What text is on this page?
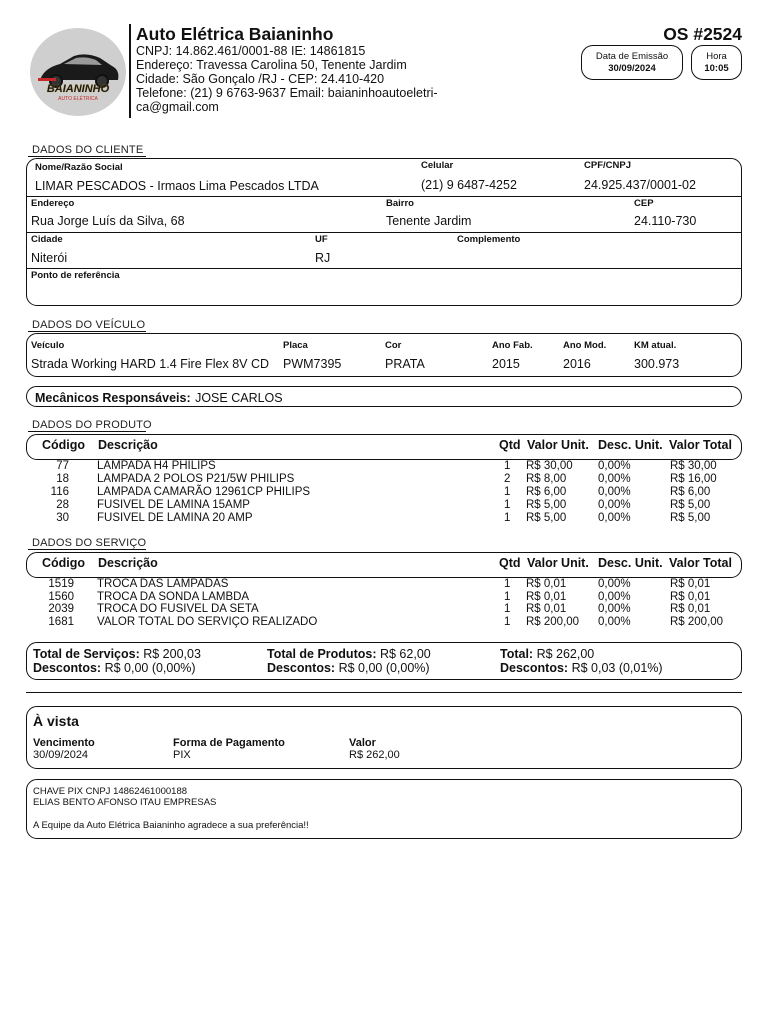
BAIANINHO
AUTO ELÉTRICA
Auto Elétrica Baianinho
CNPJ: 14.862.461/0001-88 IE: 14861815
Endereço: Travessa Carolina 50, Tenente Jardim
Cidade: São Gonçalo /RJ - CEP: 24.410-420
Telefone: (21) 9 6763-9637 Email: baianinhoautoeletri-
ca@gmail.com
OS #2524
Data de Emissão
30/09/2024
Hora
10:05
DADOS DO CLIENTE
Nome/Razão Social
LIMAR PESCADOS - Irmaos Lima Pescados LTDA
Celular
(21) 9 6487-4252
CPF/CNPJ
24.925.437/0001-02
Endereço
Rua Jorge Luís da Silva, 68
Bairro
Tenente Jardim
CEP
24.110-730
Cidade
Niterói
UF
RJ
Complemento
Ponto de referência
DADOS DO VEÍCULO
Veículo
Strada Working HARD 1.4 Fire Flex 8V CD
Placa
PWM7395
Cor
PRATA
Ano Fab.
2015
Ano Mod.
2016
KM atual.
300.973
Mecânicos Responsáveis: JOSE CARLOS
DADOS DO PRODUTO
Código Descrição	Qtd Valor Unit. Desc. Unit. Valor Total
77 LAMPADA H4 PHILIPS	1 R$ 30,00 0,00%	R$ 30,00
18 LAMPADA 2 POLOS P21/5W PHILIPS	2 R$ 8,00	0,00%	R$ 16,00
116 LAMPADA CAMARÃO 12961CP PHILIPS	1 R$ 6,00	0,00%	R$ 6,00
28 FUSIVEL DE LAMINA 15AMP	1 R$ 5,00	0,00%	R$ 5,00
30 FUSIVEL DE LAMINA 20 AMP	1 R$ 5,00	0,00%	R$ 5,00
DADOS DO SERVIÇO
Código Descrição	Qtd Valor Unit. Desc. Unit. Valor Total
1519 TROCA DAS LAMPADAS	1 R$ 0,01	0,00%	R$ 0,01
1560 TROCA DA SONDA LAMBDA	1 R$ 0,01	0,00%	R$ 0,01
2039 TROCA DO FUSIVEL DA SETA	1 R$ 0,01	0,00%	R$ 0,01
1681 VALOR TOTAL DO SERVIÇO REALIZADO	1 R$ 200,00 0,00%	R$ 200,00
Total de Serviços: R$ 200,03
Descontos: R$ 0,00 (0,00%)
Total de Produtos: R$ 62,00
Descontos: R$ 0,00 (0,00%)
Total: R$ 262,00
Descontos: R$ 0,03 (0,01%)
À vista
Vencimento
30/09/2024
Forma de Pagamento
PIX
Valor
R$ 262,00
CHAVE PIX CNPJ 14862461000188
ELIAS BENTO AFONSO ITAU EMPRESAS
A Equipe da Auto Elétrica Baianinho agradece a sua preferência!!
